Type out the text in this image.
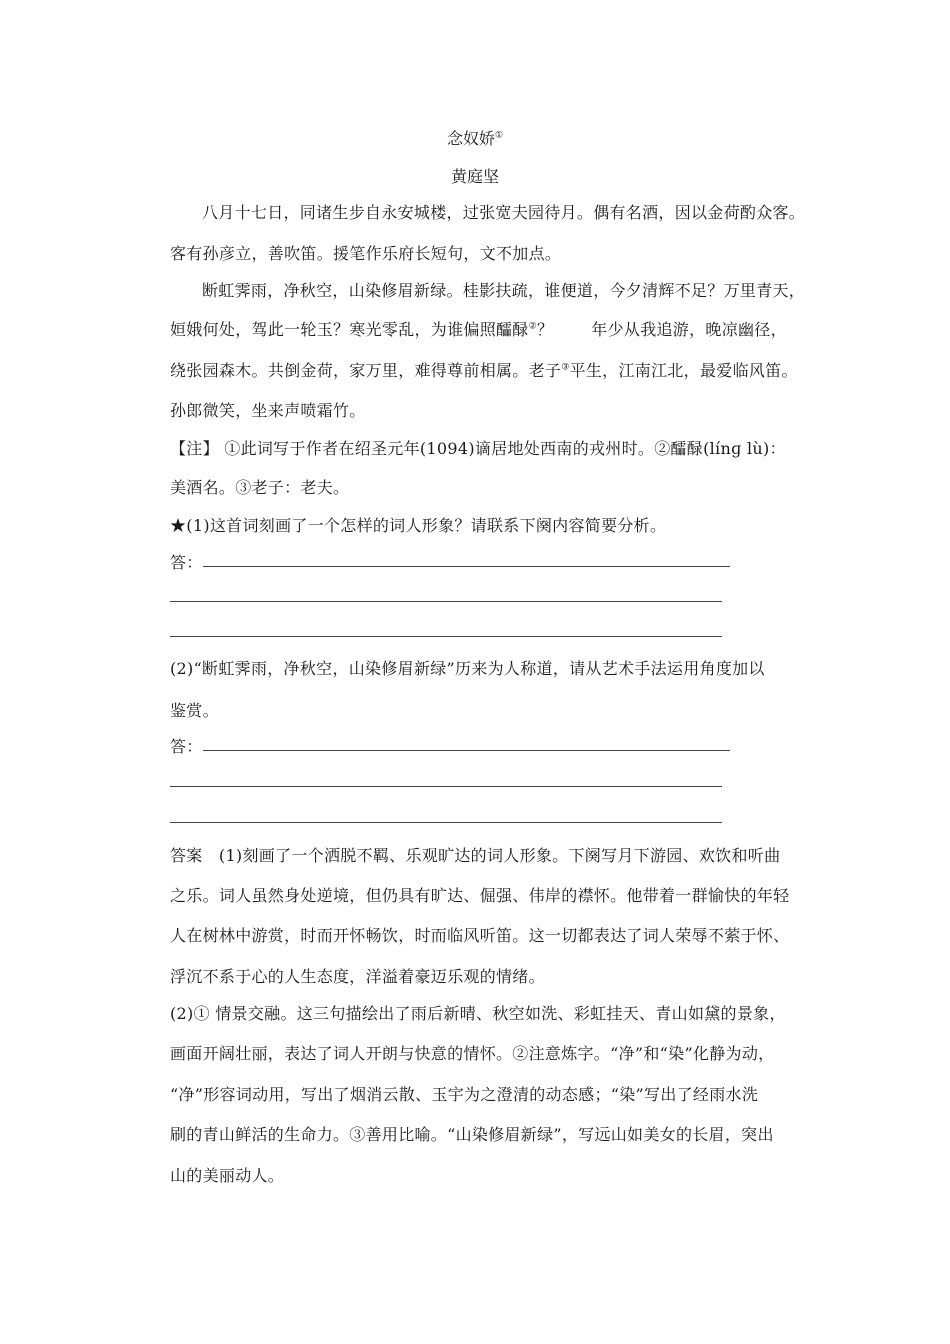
念奴娇①
黄庭坚
八月十七日，同诸生步自永安城楼，过张宽夫园待月。偶有名酒，因以金荷酌众客。
客有孙彦立，善吹笛。援笔作乐府长短句，文不加点。
断虹霁雨，净秋空，山染修眉新绿。桂影扶疏，谁便道，今夕清辉不足？万里青天，
姮娥何处，驾此一轮玉？寒光零乱，为谁偏照醽醁②？ 年少从我追游，晚凉幽径，
绕张园森木。共倒金荷，家万里，难得尊前相属。老子③平生，江南江北，最爱临风笛。
孙郎微笑，坐来声喷霜竹。
【注】 ①此词写于作者在绍圣元年(1094)谪居地处西南的戎州时。②醽醁(línɡ lù)：
美酒名。③老子：老夫。
★(1)这首词刻画了一个怎样的词人形象？请联系下阕内容简要分析。
答：
(2)“断虹霁雨，净秋空，山染修眉新绿”历来为人称道，请从艺术手法运用角度加以
鉴赏。
答：
答案　(1)刻画了一个洒脱不羁、乐观旷达的词人形象。下阕写月下游园、欢饮和听曲
之乐。词人虽然身处逆境，但仍具有旷达、倔强、伟岸的襟怀。他带着一群愉快的年轻
人在树林中游赏，时而开怀畅饮，时而临风听笛。这一切都表达了词人荣辱不萦于怀、
浮沉不系于心的人生态度，洋溢着豪迈乐观的情绪。
(2)① 情景交融。这三句描绘出了雨后新晴、秋空如洗、彩虹挂天、青山如黛的景象，
画面开阔壮丽，表达了词人开朗与快意的情怀。②注意炼字。“净”和“染”化静为动，
“净”形容词动用，写出了烟消云散、玉宇为之澄清的动态感；“染”写出了经雨水洗
刷的青山鲜活的生命力。③善用比喻。“山染修眉新绿”，写远山如美女的长眉，突出
山的美丽动人。
